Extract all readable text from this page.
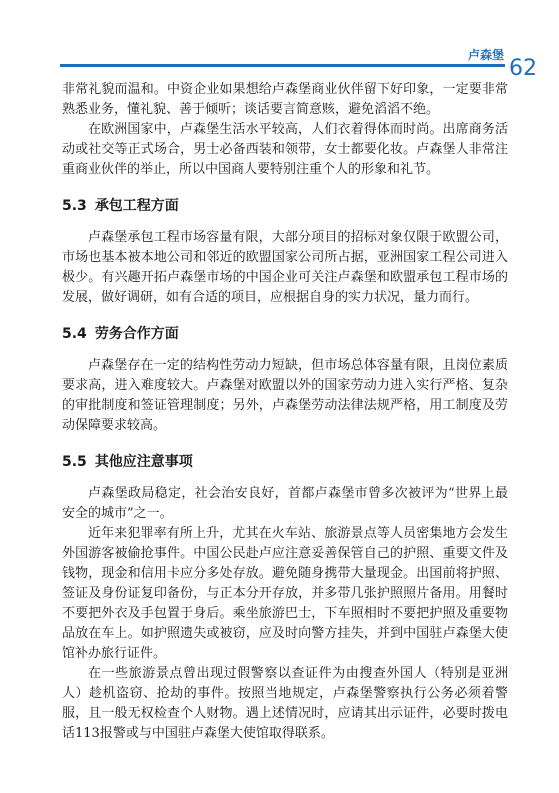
卢森堡
62

非常礼貌而温和。中资企业如果想给卢森堡商业伙伴留下好印象，一定要非常熟悉业务，懂礼貌、善于倾听；谈话要言简意赅，避免滔滔不绝。

在欧洲国家中，卢森堡生活水平较高，人们衣着得体而时尚。出席商务活动或社交等正式场合，男士必备西装和领带，女士都要化妆。卢森堡人非常注重商业伙伴的举止，所以中国商人要特别注重个人的形象和礼节。

5.3 承包工程方面

卢森堡承包工程市场容量有限，大部分项目的招标对象仅限于欧盟公司，市场也基本被本地公司和邻近的欧盟国家公司所占据，亚洲国家工程公司进入极少。有兴趣开拓卢森堡市场的中国企业可关注卢森堡和欧盟承包工程市场的发展，做好调研，如有合适的项目，应根据自身的实力状况，量力而行。

5.4 劳务合作方面

卢森堡存在一定的结构性劳动力短缺，但市场总体容量有限，且岗位素质要求高，进入难度较大。卢森堡对欧盟以外的国家劳动力进入实行严格、复杂的审批制度和签证管理制度；另外，卢森堡劳动法律法规严格，用工制度及劳动保障要求较高。

5.5 其他应注意事项

卢森堡政局稳定，社会治安良好，首都卢森堡市曾多次被评为“世界上最安全的城市”之一。

近年来犯罪率有所上升，尤其在火车站、旅游景点等人员密集地方会发生外国游客被偷抢事件。中国公民赴卢应注意妥善保管自己的护照、重要文件及钱物，现金和信用卡应分多处存放。避免随身携带大量现金。出国前将护照、签证及身份证复印备份，与正本分开存放，并多带几张护照照片备用。用餐时不要把外衣及手包置于身后。乘坐旅游巴士，下车照相时不要把护照及重要物品放在车上。如护照遗失或被窃，应及时向警方挂失，并到中国驻卢森堡大使馆补办旅行证件。

在一些旅游景点曾出现过假警察以查证件为由搜查外国人（特别是亚洲人）趁机盗窃、抢劫的事件。按照当地规定，卢森堡警察执行公务必须着警服，且一般无权检查个人财物。遇上述情况时，应请其出示证件，必要时拨电话113报警或与中国驻卢森堡大使馆取得联系。
